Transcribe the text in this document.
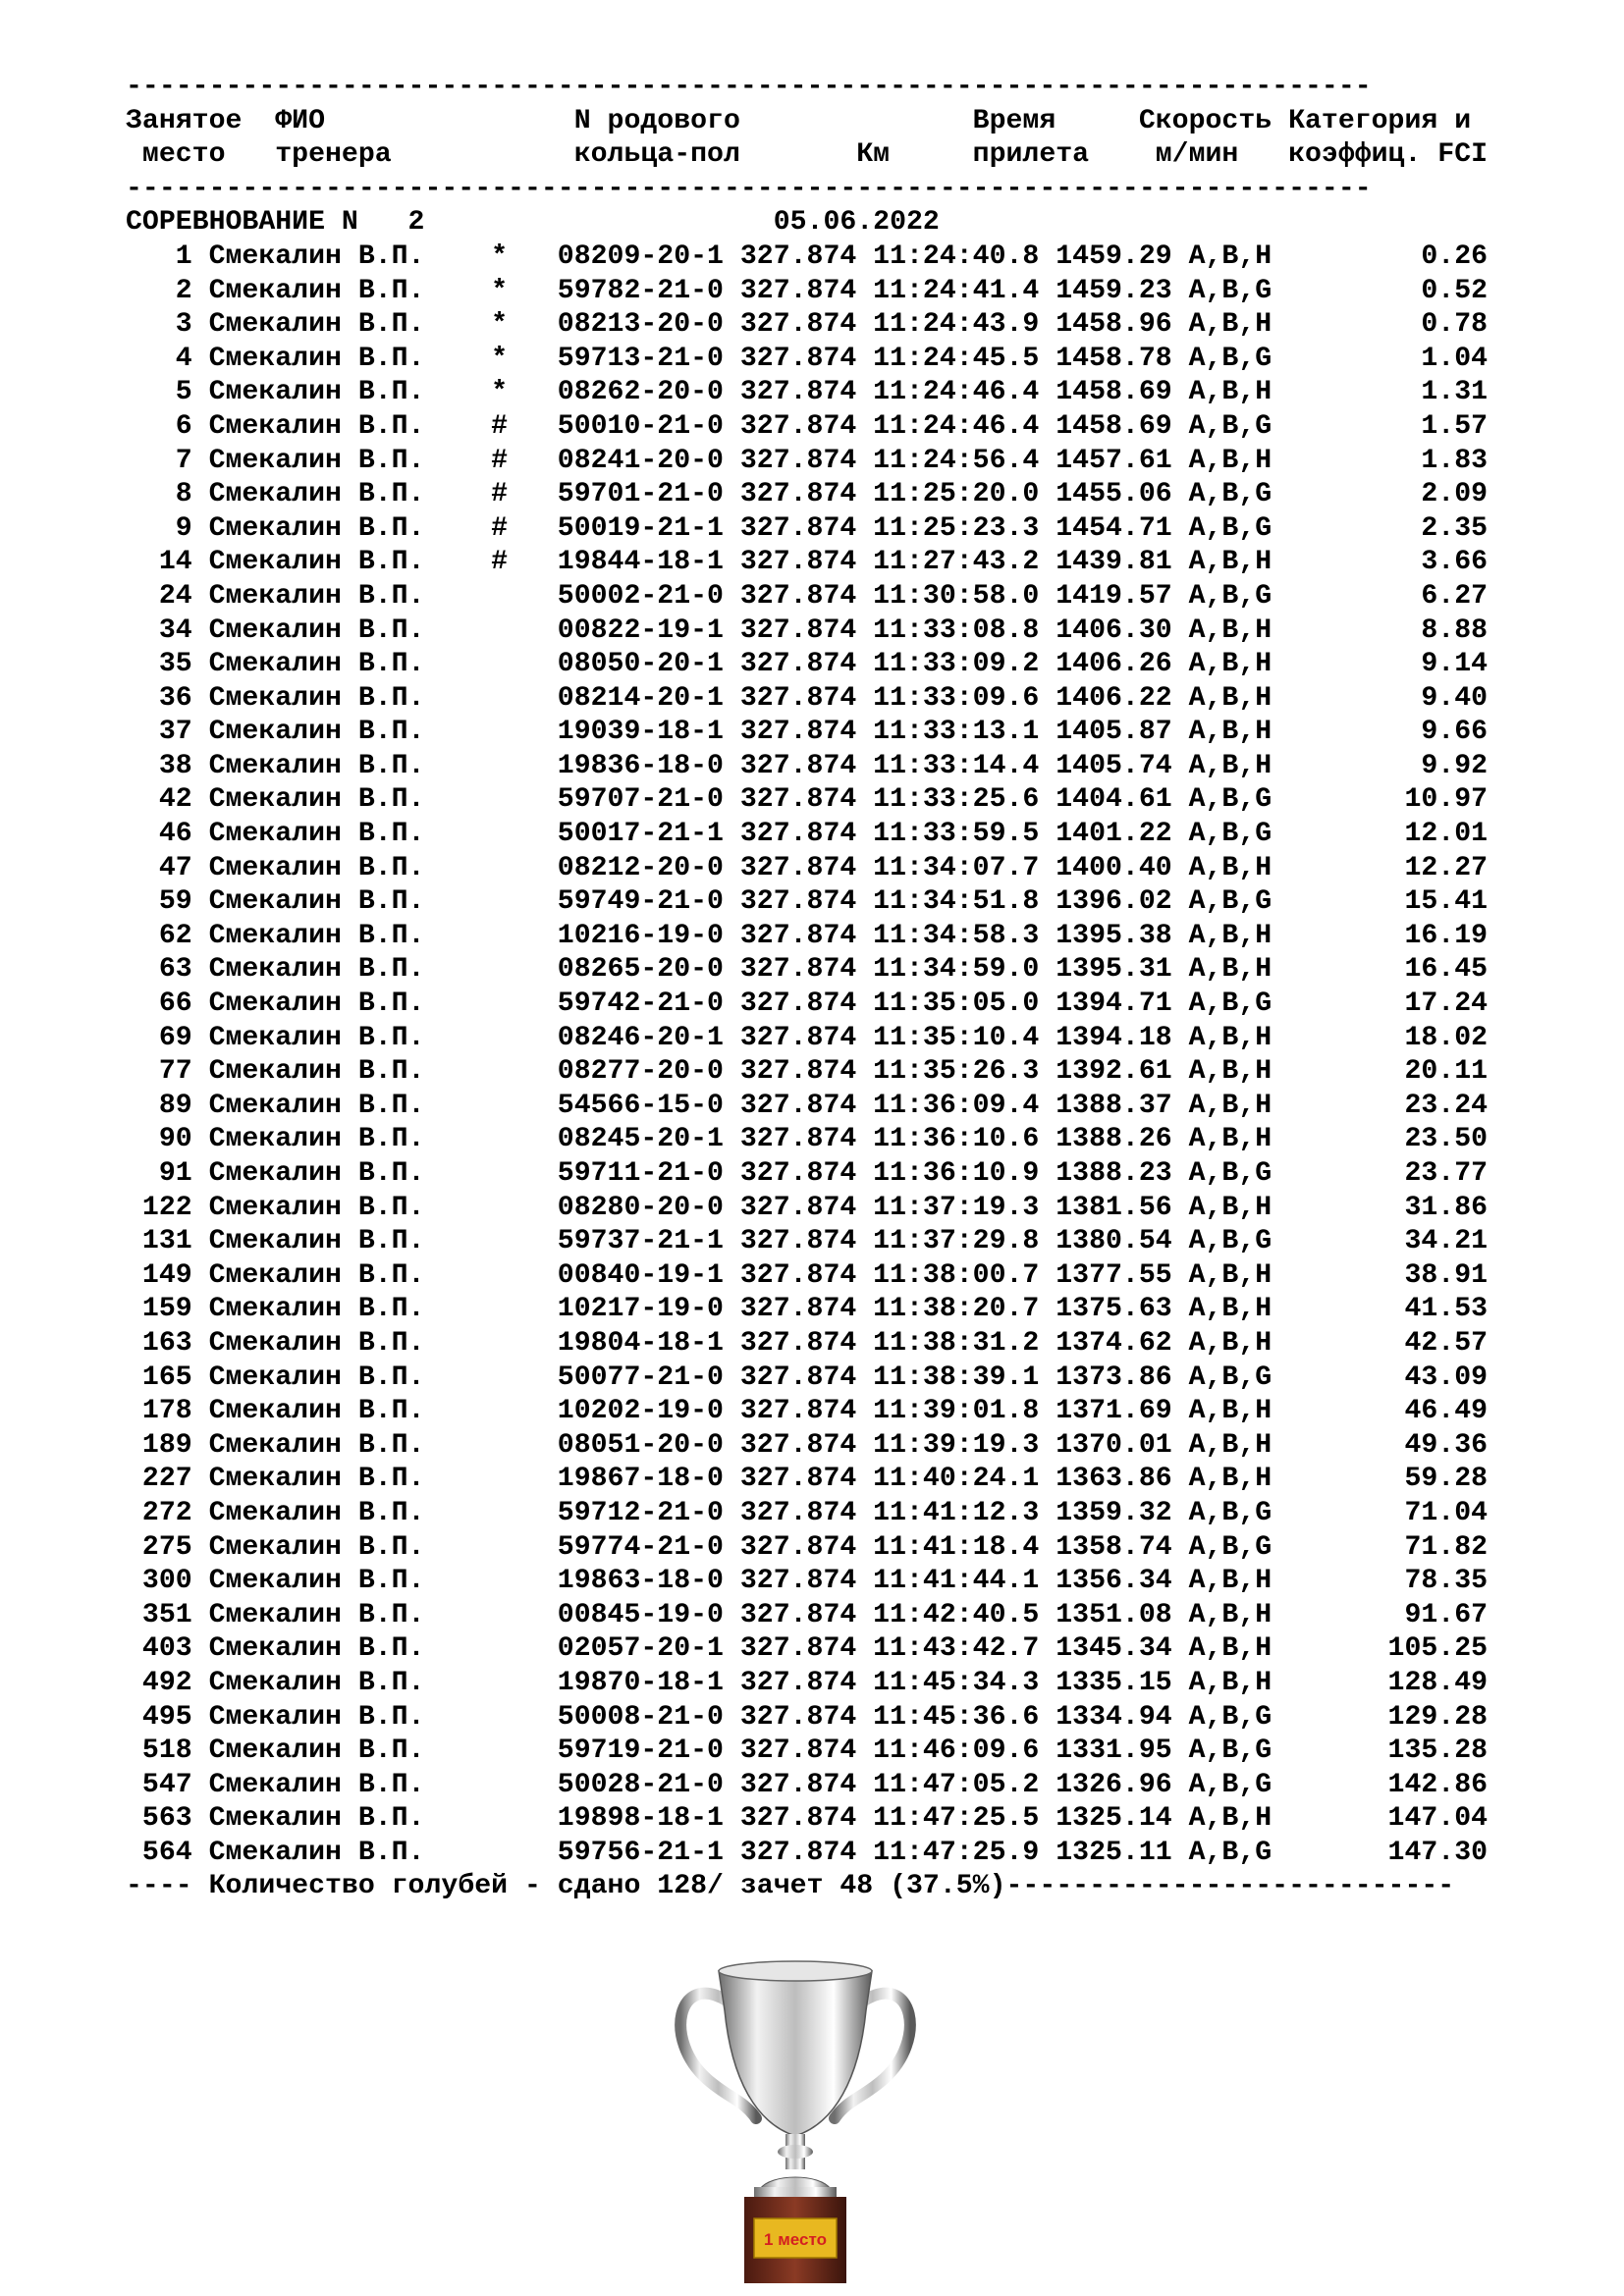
---------------------------------------------------------------------------
Занятое  ФИО               N родового              Время     Скорость Категория и
место   тренера           кольца-пол       Км     прилета    м/мин   коэффиц. FCI
---------------------------------------------------------------------------
СОРЕВНОВАНИЕ N   2                     05.06.2022
1 Смекалин В.П.    *   08209-20-1 327.874 11:24:40.8 1459.29 A,B,H         0.26
2 Смекалин В.П.    *   59782-21-0 327.874 11:24:41.4 1459.23 A,B,G         0.52
3 Смекалин В.П.    *   08213-20-0 327.874 11:24:43.9 1458.96 A,B,H         0.78
4 Смекалин В.П.    *   59713-21-0 327.874 11:24:45.5 1458.78 A,B,G         1.04
5 Смекалин В.П.    *   08262-20-0 327.874 11:24:46.4 1458.69 A,B,H         1.31
6 Смекалин В.П.    #   50010-21-0 327.874 11:24:46.4 1458.69 A,B,G         1.57
7 Смекалин В.П.    #   08241-20-0 327.874 11:24:56.4 1457.61 A,B,H         1.83
8 Смекалин В.П.    #   59701-21-0 327.874 11:25:20.0 1455.06 A,B,G         2.09
9 Смекалин В.П.    #   50019-21-1 327.874 11:25:23.3 1454.71 A,B,G         2.35
14 Смекалин В.П.    #   19844-18-1 327.874 11:27:43.2 1439.81 A,B,H         3.66
24 Смекалин В.П.        50002-21-0 327.874 11:30:58.0 1419.57 A,B,G         6.27
34 Смекалин В.П.        00822-19-1 327.874 11:33:08.8 1406.30 A,B,H         8.88
35 Смекалин В.П.        08050-20-1 327.874 11:33:09.2 1406.26 A,B,H         9.14
36 Смекалин В.П.        08214-20-1 327.874 11:33:09.6 1406.22 A,B,H         9.40
37 Смекалин В.П.        19039-18-1 327.874 11:33:13.1 1405.87 A,B,H         9.66
38 Смекалин В.П.        19836-18-0 327.874 11:33:14.4 1405.74 A,B,H         9.92
42 Смекалин В.П.        59707-21-0 327.874 11:33:25.6 1404.61 A,B,G        10.97
46 Смекалин В.П.        50017-21-1 327.874 11:33:59.5 1401.22 A,B,G        12.01
47 Смекалин В.П.        08212-20-0 327.874 11:34:07.7 1400.40 A,B,H        12.27
59 Смекалин В.П.        59749-21-0 327.874 11:34:51.8 1396.02 A,B,G        15.41
62 Смекалин В.П.        10216-19-0 327.874 11:34:58.3 1395.38 A,B,H        16.19
63 Смекалин В.П.        08265-20-0 327.874 11:34:59.0 1395.31 A,B,H        16.45
66 Смекалин В.П.        59742-21-0 327.874 11:35:05.0 1394.71 A,B,G        17.24
69 Смекалин В.П.        08246-20-1 327.874 11:35:10.4 1394.18 A,B,H        18.02
77 Смекалин В.П.        08277-20-0 327.874 11:35:26.3 1392.61 A,B,H        20.11
89 Смекалин В.П.        54566-15-0 327.874 11:36:09.4 1388.37 A,B,H        23.24
90 Смекалин В.П.        08245-20-1 327.874 11:36:10.6 1388.26 A,B,H        23.50
91 Смекалин В.П.        59711-21-0 327.874 11:36:10.9 1388.23 A,B,G        23.77
122 Смекалин В.П.        08280-20-0 327.874 11:37:19.3 1381.56 A,B,H        31.86
131 Смекалин В.П.        59737-21-1 327.874 11:37:29.8 1380.54 A,B,G        34.21
149 Смекалин В.П.        00840-19-1 327.874 11:38:00.7 1377.55 A,B,H        38.91
159 Смекалин В.П.        10217-19-0 327.874 11:38:20.7 1375.63 A,B,H        41.53
163 Смекалин В.П.        19804-18-1 327.874 11:38:31.2 1374.62 A,B,H        42.57
165 Смекалин В.П.        50077-21-0 327.874 11:38:39.1 1373.86 A,B,G        43.09
178 Смекалин В.П.        10202-19-0 327.874 11:39:01.8 1371.69 A,B,H        46.49
189 Смекалин В.П.        08051-20-0 327.874 11:39:19.3 1370.01 A,B,H        49.36
227 Смекалин В.П.        19867-18-0 327.874 11:40:24.1 1363.86 A,B,H        59.28
272 Смекалин В.П.        59712-21-0 327.874 11:41:12.3 1359.32 A,B,G        71.04
275 Смекалин В.П.        59774-21-0 327.874 11:41:18.4 1358.74 A,B,G        71.82
300 Смекалин В.П.        19863-18-0 327.874 11:41:44.1 1356.34 A,B,H        78.35
351 Смекалин В.П.        00845-19-0 327.874 11:42:40.5 1351.08 A,B,H        91.67
403 Смекалин В.П.        02057-20-1 327.874 11:43:42.7 1345.34 A,B,H       105.25
492 Смекалин В.П.        19870-18-1 327.874 11:45:34.3 1335.15 A,B,H       128.49
495 Смекалин В.П.        50008-21-0 327.874 11:45:36.6 1334.94 A,B,G       129.28
518 Смекалин В.П.        59719-21-0 327.874 11:46:09.6 1331.95 A,B,G       135.28
547 Смекалин В.П.        50028-21-0 327.874 11:47:05.2 1326.96 A,B,G       142.86
563 Смекалин В.П.        19898-18-1 327.874 11:47:25.5 1325.14 A,B,H       147.04
564 Смекалин В.П.        59756-21-1 327.874 11:47:25.9 1325.11 A,B,G       147.30
---- Количество голубей - сдано 128/ зачет 48 (37.5%)---------------------------
1 место
